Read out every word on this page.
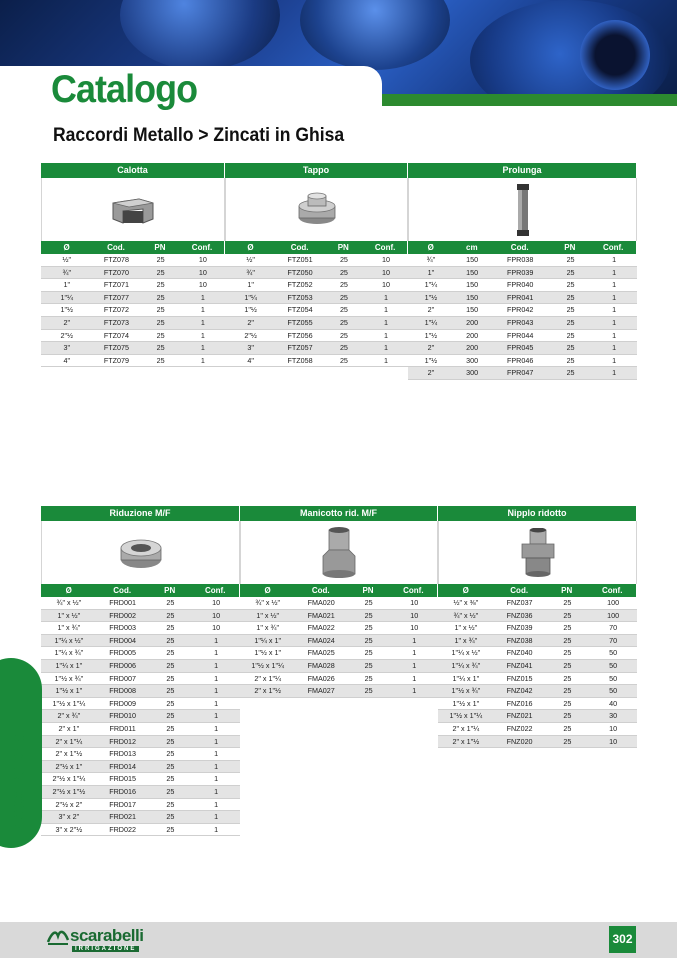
Catalogo
Raccordi Metallo > Zincati in Ghisa
Calotta
Ø	Cod.	PN	Conf.
½"	FTZ078	25	10
¾"	FTZ070	25	10
1"	FTZ071	25	10
1"¼	FTZ077	25	1
1"½	FTZ072	25	1
2"	FTZ073	25	1
2"½	FTZ074	25	1
3"	FTZ075	25	1
4"	FTZ079	25	1
Tappo
Ø	Cod.	PN	Conf.
½"	FTZ051	25	10
¾"	FTZ050	25	10
1"	FTZ052	25	10
1"¼	FTZ053	25	1
1"½	FTZ054	25	1
2"	FTZ055	25	1
2"½	FTZ056	25	1
3"	FTZ057	25	1
4"	FTZ058	25	1
Prolunga
Ø	cm	Cod.	PN	Conf.
¾"	150	FPR038	25	1
1"	150	FPR039	25	1
1"¼	150	FPR040	25	1
1"½	150	FPR041	25	1
2"	150	FPR042	25	1
1"¼	200	FPR043	25	1
1"½	200	FPR044	25	1
2"	200	FPR045	25	1
1"½	300	FPR046	25	1
2"	300	FPR047	25	1
Riduzione M/F
Ø	Cod.	PN	Conf.
¾" x ½"	FRD001	25	10
1" x ½"	FRD002	25	10
1" x ¾"	FRD003	25	10
1"¼ x ½"	FRD004	25	1
1"¼ x ¾"	FRD005	25	1
1"¼ x 1"	FRD006	25	1
1"½ x ¾"	FRD007	25	1
1"½ x 1"	FRD008	25	1
1"½ x 1"¼	FRD009	25	1
2" x ¾"	FRD010	25	1
2" x 1"	FRD011	25	1
2" x 1"¼	FRD012	25	1
2" x 1"½	FRD013	25	1
2"½ x 1"	FRD014	25	1
2"½ x 1"¼	FRD015	25	1
2"½ x 1"½	FRD016	25	1
2"½ x 2"	FRD017	25	1
3" x 2"	FRD021	25	1
3" x 2"½	FRD022	25	1
Manicotto rid. M/F
Ø	Cod.	PN	Conf.
¾" x ½"	FMA020	25	10
1" x ½"	FMA021	25	10
1" x ¾"	FMA022	25	10
1"¼ x 1"	FMA024	25	1
1"½ x 1"	FMA025	25	1
1"½ x 1"¼	FMA028	25	1
2" x 1"¼	FMA026	25	1
2" x 1"½	FMA027	25	1
Nipplo ridotto
Ø	Cod.	PN	Conf.
½" x ⅜"	FNZ037	25	100
¾" x ½"	FNZ036	25	100
1" x ½"	FNZ039	25	70
1" x ¾"	FNZ038	25	70
1"¼ x ½"	FNZ040	25	50
1"¼ x ¾"	FNZ041	25	50
1"¼ x 1"	FNZ015	25	50
1"½ x ¾"	FNZ042	25	50
1"½ x 1"	FNZ016	25	40
1"½ x 1"¼	FNZ021	25	30
2" x 1"¼	FNZ022	25	10
2" x 1"½	FNZ020	25	10
Raccorderia
scarabelli
IRRIGAZIONE
302
